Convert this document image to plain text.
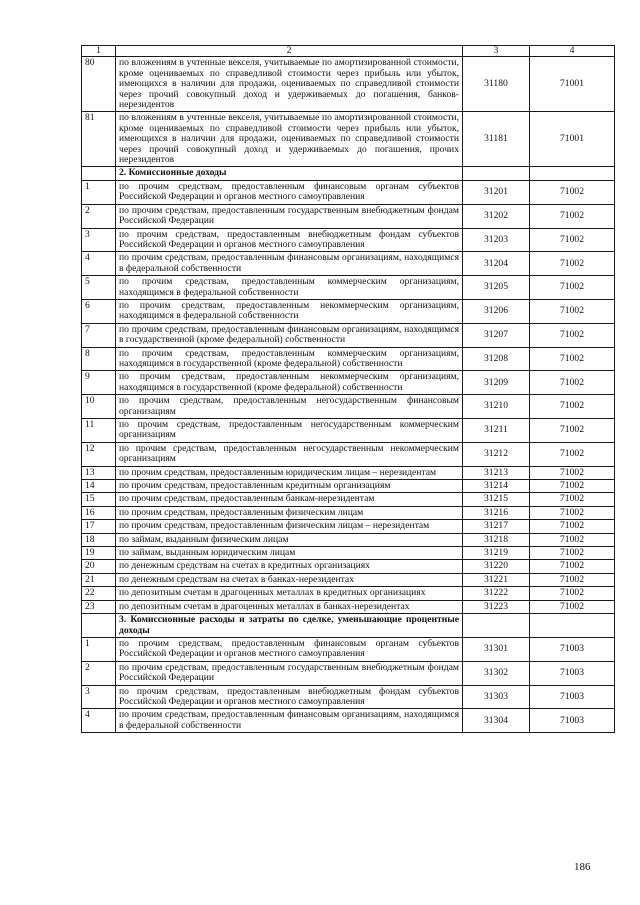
1	2	3	4
80	по вложениям в учтенные векселя, учитываемые по амортизированной стоимости, кроме оцениваемых по справедливой стоимости через прибыль или убыток, имеющихся в наличии для продажи, оцениваемых по справедливой стоимости через прочий совокупный доход и удерживаемых до погашения, банков-нерезидентов	31180	71001
81	по вложениям в учтенные векселя, учитываемые по амортизированной стоимости, кроме оцениваемых по справедливой стоимости через прибыль или убыток, имеющихся в наличии для продажи, оцениваемых по справедливой стоимости через прочий совокупный доход и удерживаемых до погашения, прочих нерезидентов	31181	71001
	2. Комиссионные доходы		
1	по прочим средствам, предоставленным финансовым органам субъектов Российской Федерации и органов местного самоуправления	31201	71002
2	по прочим средствам, предоставленным государственным внебюджетным фондам Российской Федерации	31202	71002
3	по прочим средствам, предоставленным внебюджетным фондам субъектов Российской Федерации и органов местного самоуправления	31203	71002
4	по прочим средствам, предоставленным финансовым организациям, находящимся в федеральной собственности	31204	71002
5	по прочим средствам, предоставленным коммерческим организациям, находящимся в федеральной собственности	31205	71002
6	по прочим средствам, предоставленным некоммерческим организациям, находящимся в федеральной собственности	31206	71002
7	по прочим средствам, предоставленным финансовым организациям, находящимся в государственной (кроме федеральной) собственности	31207	71002
8	по прочим средствам, предоставленным коммерческим организациям, находящимся в государственной (кроме федеральной) собственности	31208	71002
9	по прочим средствам, предоставленным некоммерческим организациям, находящимся в государственной (кроме федеральной) собственности	31209	71002
10	по прочим средствам, предоставленным негосударственным финансовым организациям	31210	71002
11	по прочим средствам, предоставленным негосударственным коммерческим организациям	31211	71002
12	по прочим средствам, предоставленным негосударственным некоммерческим организациям	31212	71002
13	по прочим средствам, предоставленным юридическим лицам – нерезидентам	31213	71002
14	по прочим средствам, предоставленным кредитным организациям	31214	71002
15	по прочим средствам, предоставленным банкам-нерезидентам	31215	71002
16	по прочим средствам, предоставленным физическим лицам	31216	71002
17	по прочим средствам, предоставленным физическим лицам – нерезидентам	31217	71002
18	по займам, выданным физическим лицам	31218	71002
19	по займам, выданным юридическим лицам	31219	71002
20	по денежным средствам на счетах в кредитных организациях	31220	71002
21	по денежным средствам на счетах в банках-нерезидентах	31221	71002
22	по депозитным счетам в драгоценных металлах в кредитных организациях	31222	71002
23	по депозитным счетам в драгоценных металлах в банках-нерезидентах	31223	71002
	3. Комиссионные расходы и затраты по сделке, уменьшающие процентные доходы		
1	по прочим средствам, предоставленным финансовым органам субъектов Российской Федерации и органов местного самоуправления	31301	71003
2	по прочим средствам, предоставленным государственным внебюджетным фондам Российской Федерации	31302	71003
3	по прочим средствам, предоставленным внебюджетным фондам субъектов Российской Федерации и органов местного самоуправления	31303	71003
4	по прочим средствам, предоставленным финансовым организациям, находящимся в федеральной собственности	31304	71003
186
